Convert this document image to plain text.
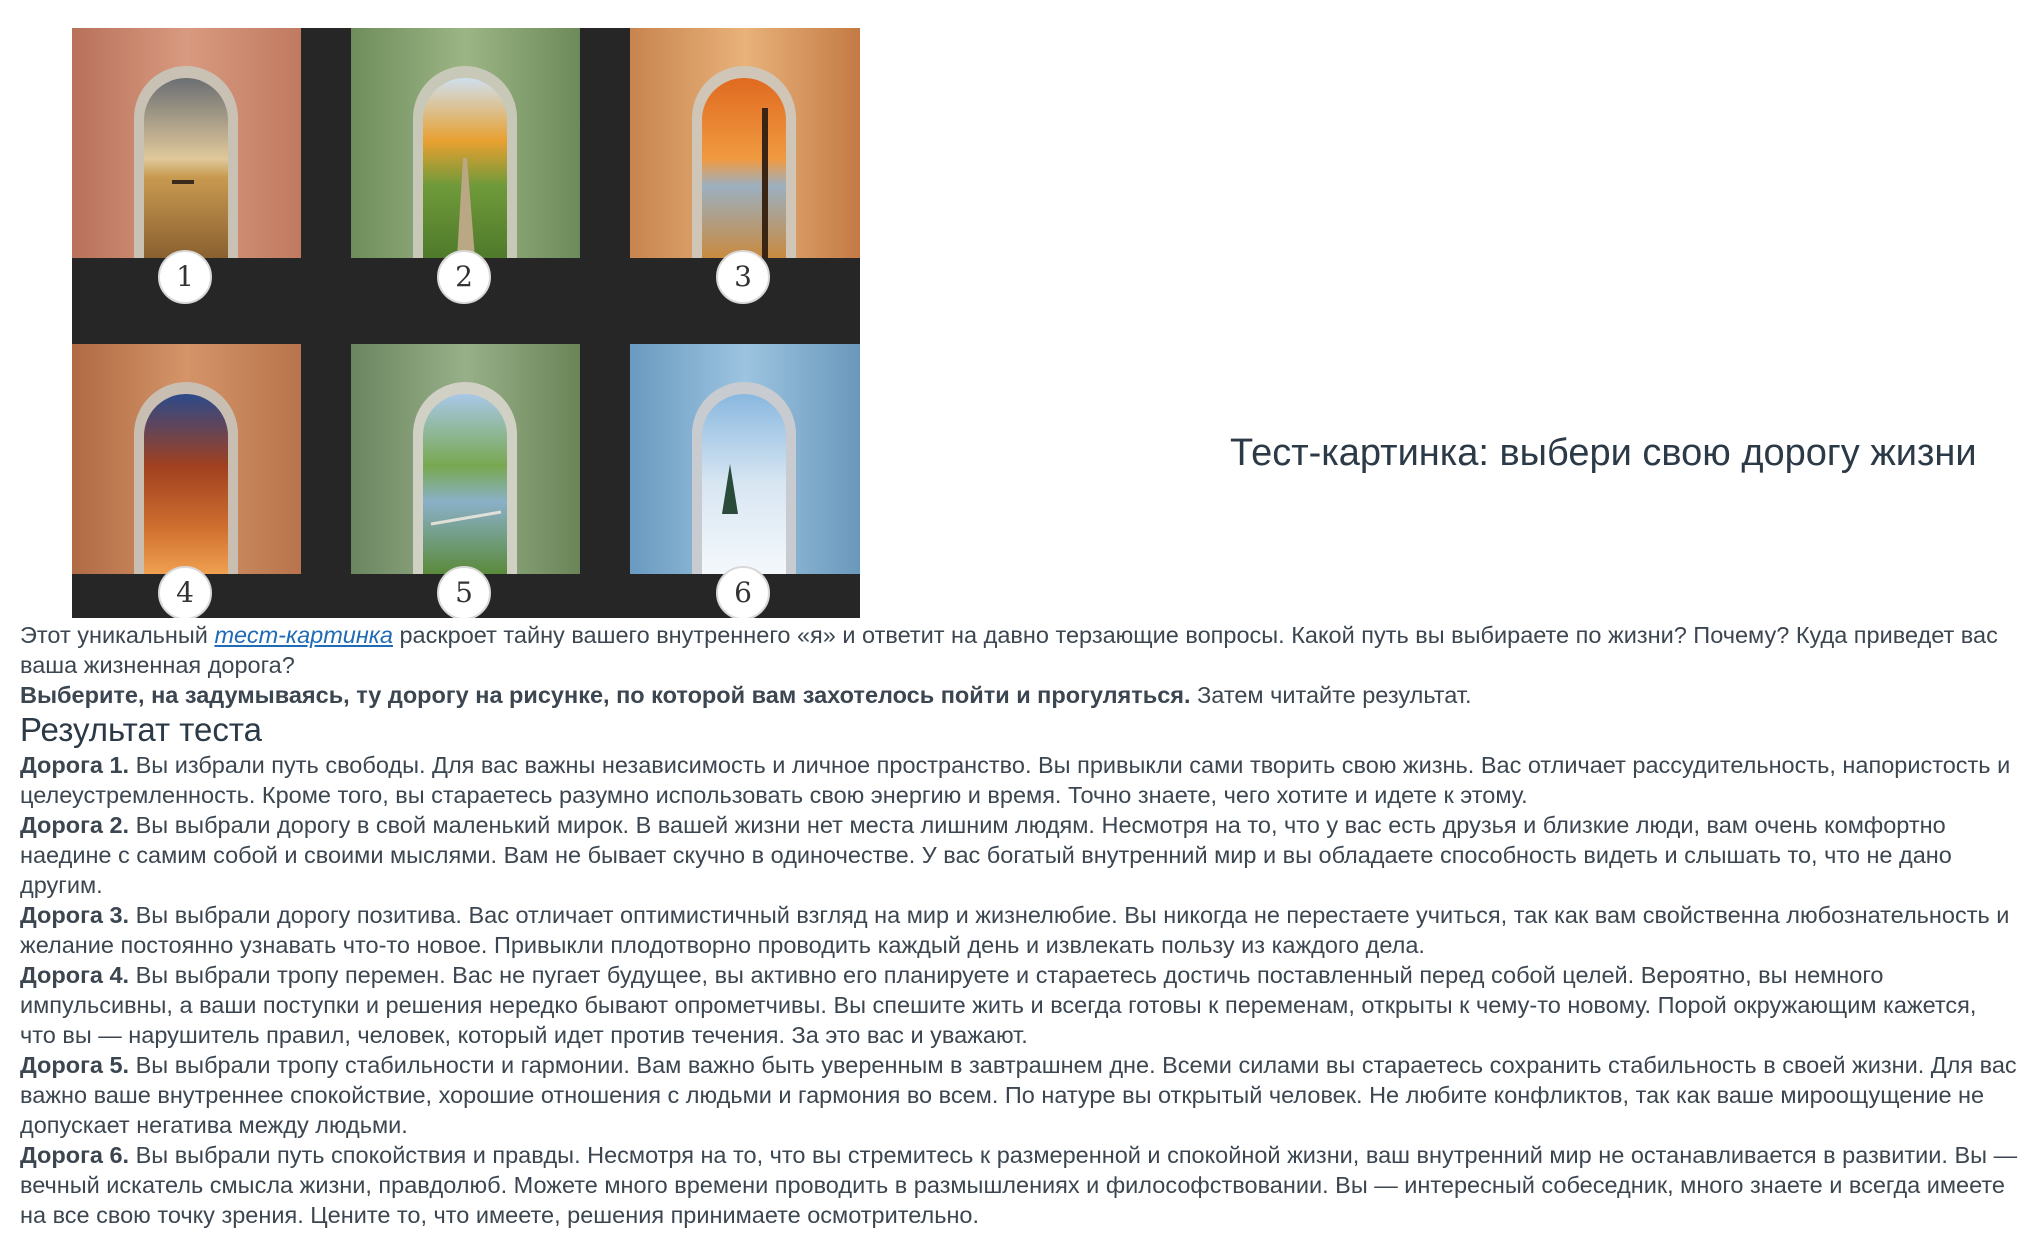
1	2	3
4	5	6
Тест-картинка: выбери свою дорогу жизни

Этот уникальный тест-картинка раскроет тайну вашего внутреннего «я» и ответит на давно терзающие вопросы. Какой путь вы выбираете по жизни? Почему? Куда приведет вас ваша жизненная дорога?

Выберите, на задумываясь, ту дорогу на рисунке, по которой вам захотелось пойти и прогуляться. Затем читайте результат.

Результат теста

Дорога 1. Вы избрали путь свободы. Для вас важны независимость и личное пространство. Вы привыкли сами творить свою жизнь. Вас отличает рассудительность, напористость и целеустремленность. Кроме того, вы стараетесь разумно использовать свою энергию и время. Точно знаете, чего хотите и идете к этому.

Дорога 2. Вы выбрали дорогу в свой маленький мирок. В вашей жизни нет места лишним людям. Несмотря на то, что у вас есть друзья и близкие люди, вам очень комфортно наедине с самим собой и своими мыслями. Вам не бывает скучно в одиночестве. У вас богатый внутренний мир и вы обладаете способность видеть и слышать то, что не дано другим.

Дорога 3. Вы выбрали дорогу позитива. Вас отличает оптимистичный взгляд на мир и жизнелюбие. Вы никогда не перестаете учиться, так как вам свойственна любознательность и желание постоянно узнавать что-то новое. Привыкли плодотворно проводить каждый день и извлекать пользу из каждого дела.

Дорога 4. Вы выбрали тропу перемен. Вас не пугает будущее, вы активно его планируете и стараетесь достичь поставленный перед собой целей. Вероятно, вы немного импульсивны, а ваши поступки и решения нередко бывают опрометчивы. Вы спешите жить и всегда готовы к переменам, открыты к чему-то новому. Порой окружающим кажется, что вы — нарушитель правил, человек, который идет против течения. За это вас и уважают.

Дорога 5. Вы выбрали тропу стабильности и гармонии. Вам важно быть уверенным в завтрашнем дне. Всеми силами вы стараетесь сохранить стабильность в своей жизни. Для вас важно ваше внутреннее спокойствие, хорошие отношения с людьми и гармония во всем. По натуре вы открытый человек. Не любите конфликтов, так как ваше мироощущение не допускает негатива между людьми.

Дорога 6. Вы выбрали путь спокойствия и правды. Несмотря на то, что вы стремитесь к размеренной и спокойной жизни, ваш внутренний мир не останавливается в развитии. Вы — вечный искатель смысла жизни, правдолюб. Можете много времени проводить в размышлениях и философствовании. Вы — интересный собеседник, много знаете и всегда имеете на все свою точку зрения. Цените то, что имеете, решения принимаете осмотрительно.
